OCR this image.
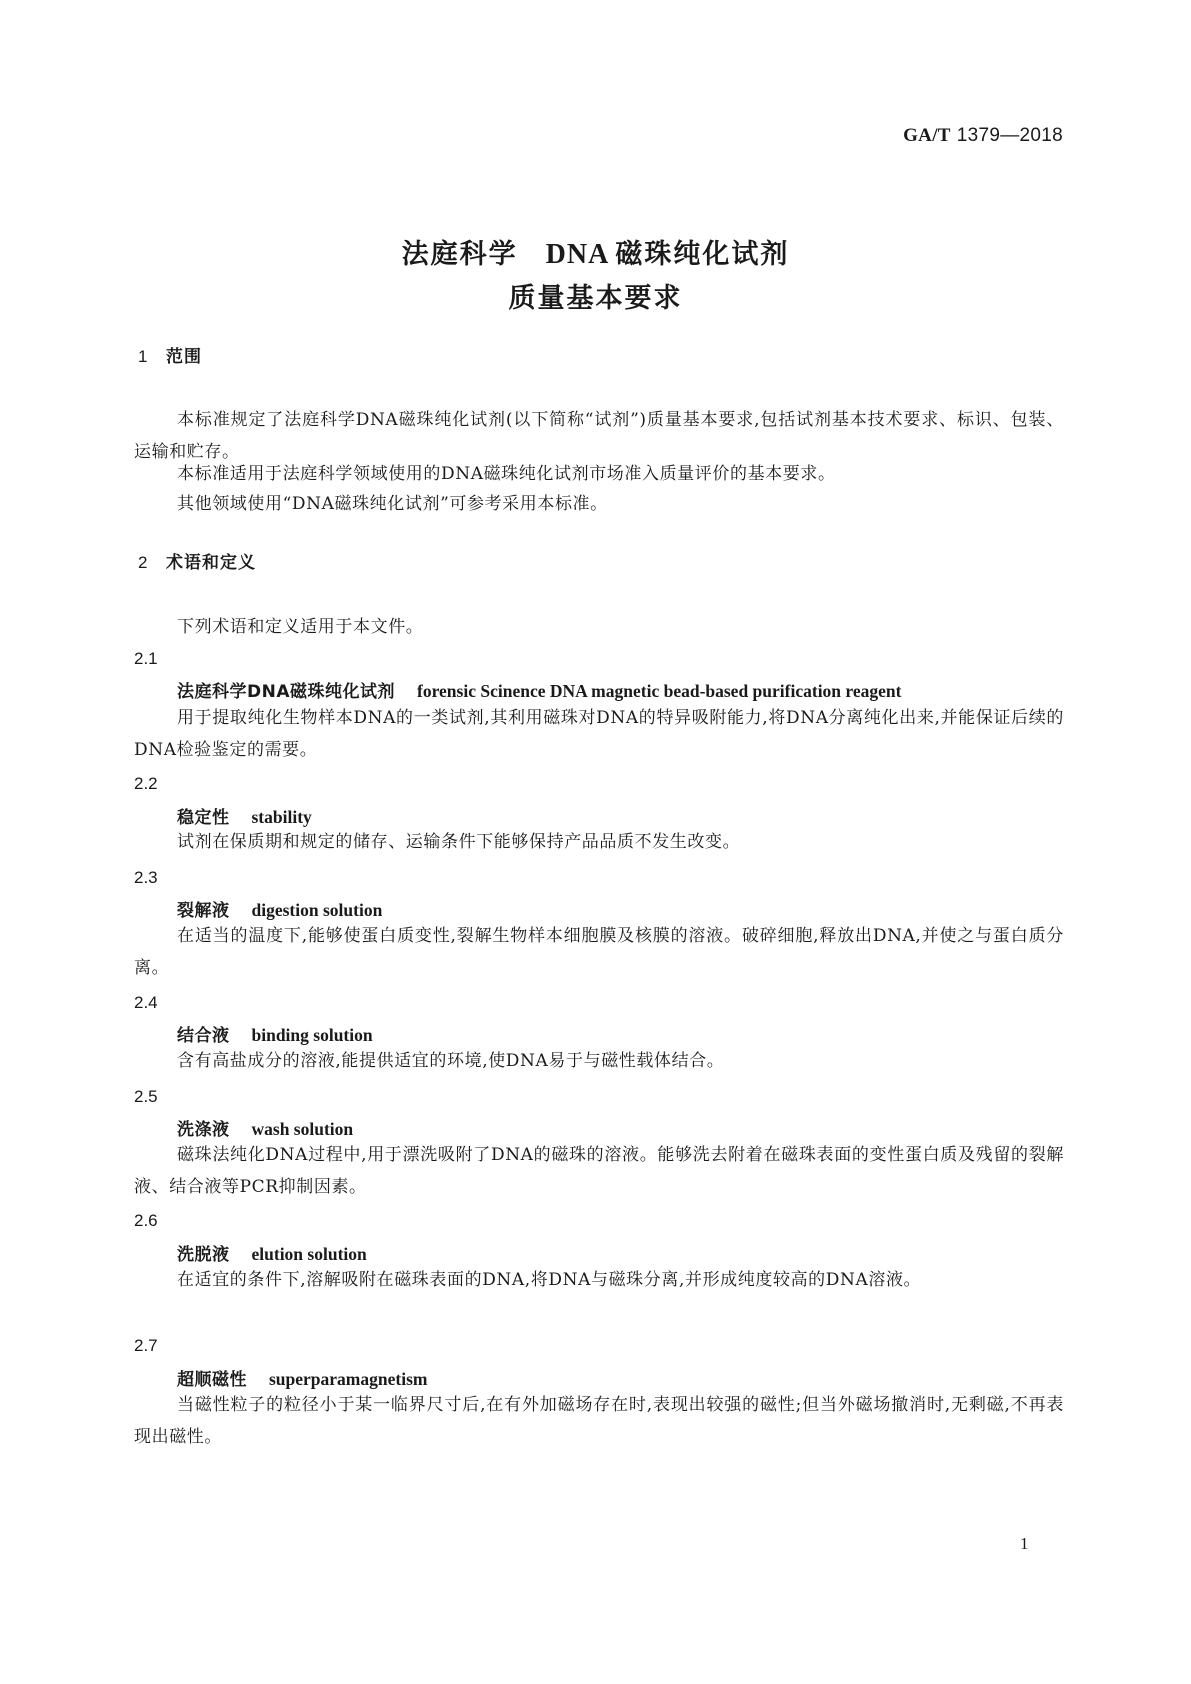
GA/T 1379—2018
法庭科学 DNA 磁珠纯化试剂
质量基本要求
1 范围
本标准规定了法庭科学DNA磁珠纯化试剂(以下简称“试剂”)质量基本要求,包括试剂基本技术要求、标识、包装、运输和贮存。
本标准适用于法庭科学领域使用的DNA磁珠纯化试剂市场准入质量评价的基本要求。
其他领域使用“DNA磁珠纯化试剂”可参考采用本标准。
2 术语和定义
下列术语和定义适用于本文件。
2.1
法庭科学DNA磁珠纯化试剂 forensic Scinence DNA magnetic bead-based purification reagent
用于提取纯化生物样本DNA的一类试剂,其利用磁珠对DNA的特异吸附能力,将DNA分离纯化出来,并能保证后续的DNA检验鉴定的需要。
2.2
稳定性 stability
试剂在保质期和规定的储存、运输条件下能够保持产品品质不发生改变。
2.3
裂解液 digestion solution
在适当的温度下,能够使蛋白质变性,裂解生物样本细胞膜及核膜的溶液。破碎细胞,释放出DNA,并使之与蛋白质分离。
2.4
结合液 binding solution
含有高盐成分的溶液,能提供适宜的环境,使DNA易于与磁性载体结合。
2.5
洗涤液 wash solution
磁珠法纯化DNA过程中,用于漂洗吸附了DNA的磁珠的溶液。能够洗去附着在磁珠表面的变性蛋白质及残留的裂解液、结合液等PCR抑制因素。
2.6
洗脱液 elution solution
在适宜的条件下,溶解吸附在磁珠表面的DNA,将DNA与磁珠分离,并形成纯度较高的DNA溶液。
2.7
超顺磁性 superparamagnetism
当磁性粒子的粒径小于某一临界尺寸后,在有外加磁场存在时,表现出较强的磁性;但当外磁场撤消时,无剩磁,不再表现出磁性。
1
